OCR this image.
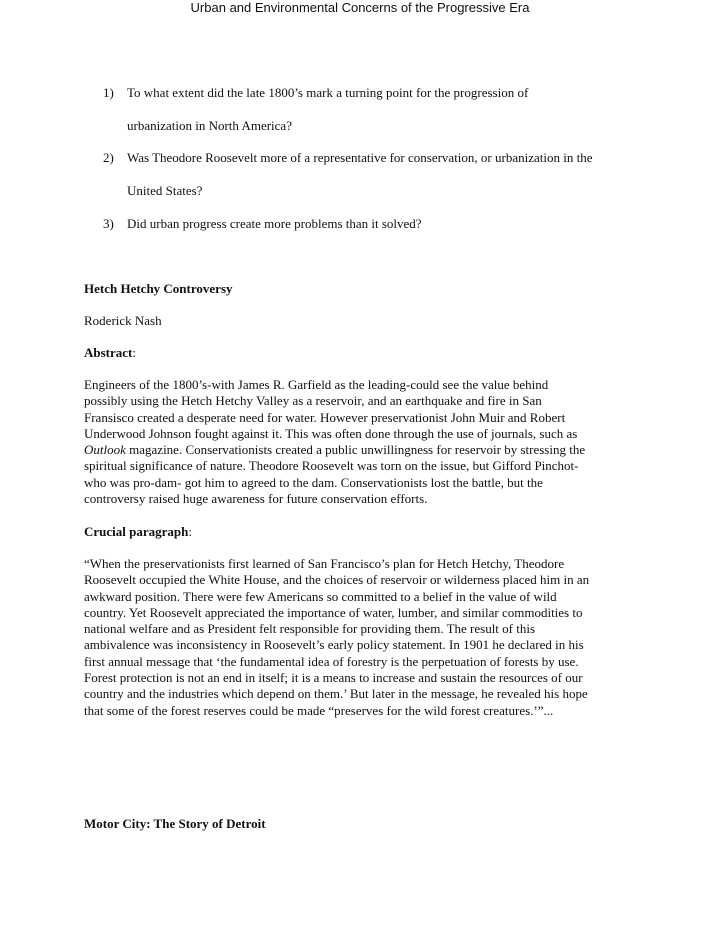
Urban and Environmental Concerns of the Progressive Era
1) To what extent did the late 1800’s mark a turning point for the progression of
urbanization in North America?
2) Was Theodore Roosevelt more of a representative for conservation, or urbanization in the
United States?
3) Did urban progress create more problems than it solved?
Hetch Hetchy Controversy
Roderick Nash
Abstract:
Engineers of the 1800’s-with James R. Garfield as the leading-could see the value behind
possibly using the Hetch Hetchy Valley as a reservoir, and an earthquake and fire in San
Fransisco created a desperate need for water. However preservationist John Muir and Robert
Underwood Johnson fought against it. This was often done through the use of journals, such as
Outlook magazine. Conservationists created a public unwillingness for reservoir by stressing the
spiritual significance of nature. Theodore Roosevelt was torn on the issue, but Gifford Pinchot-
who was pro-dam- got him to agreed to the dam. Conservationists lost the battle, but the
controversy raised huge awareness for future conservation efforts.
Crucial paragraph:
“When the preservationists first learned of San Francisco’s plan for Hetch Hetchy, Theodore
Roosevelt occupied the White House, and the choices of reservoir or wilderness placed him in an
awkward position. There were few Americans so committed to a belief in the value of wild
country. Yet Roosevelt appreciated the importance of water, lumber, and similar commodities to
national welfare and as President felt responsible for providing them. The result of this
ambivalence was inconsistency in Roosevelt’s early policy statement. In 1901 he declared in his
first annual message that ‘the fundamental idea of forestry is the perpetuation of forests by use.
Forest protection is not an end in itself; it is a means to increase and sustain the resources of our
country and the industries which depend on them.’ But later in the message, he revealed his hope
that some of the forest reserves could be made “preserves for the wild forest creatures.’”...
Motor City: The Story of Detroit
